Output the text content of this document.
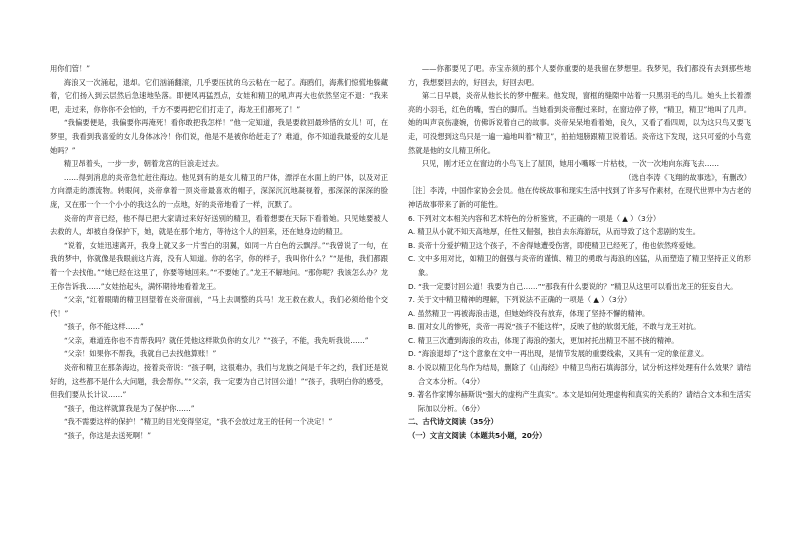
用你们管！”

海浪又一次涌起，退却。它们汹涌翻滚，几乎要压扰的乌云粘在一起了。海鸥们，海燕们惊慌地躲藏着，它们扬入到云层然后急速地坠落。即便风再猛烈点，女娃和精卫的吼声再大也依然坚定不退：“我来吧，走过来，你你你不会怕的，千方不要再把它们打走了，海龙王们都死了！”

“我偏要便是，我偏要你再淹死！看你敢把我怎样！”他一定知道，我是要救回最珍惜的女儿！可，在梦里，我看到我喜爱的女儿身体冰冷！你们说，他是不是被你给赶走了？难道，你不知道我最爱的女儿是她吗？”

精卫昂着头，一步一步，朝着龙宫的巨浪走过去。

……得到消息的炎帝急忙赶往海边。他见到有的是女儿精卫的尸体，漂浮在水面上的尸体，以及对正方向漂走的漂流物。转眼间，炎帝拿着一顶炎帝最喜欢的帽子，深深沉沉地凝视着，那深深的深深的脸庞，又在那一个一个小小的我这么的一点地，好的炎帝地看了一样，沉默了。

炎帝的声音已经，他不得已把大家请过来好好送别的精卫，看着想要在天际下看着她。只见她要被人去救的人，却被自身保护下，她，就是在那个地方，等待这个人的回来，还在她身边的精卫。

“说着，女娃迅速离开，我身上就又多一片雪白的羽翼，如同一片白色的云飘浮。”“我曾说了一句，在我的梦中，你就像是我眼前这片海，没有人知道。你的名字，你的样子，我叫你什么？”“是他，我们都跟着一个去找他。”“她已经在这里了，你要等她回来。”“不要她了。”龙王不解地问。“那你呢？我该怎么办？龙王你告诉我……”女娃抬起头，满怀期待地看着龙王。

“父亲，”红着眼睛的精卫回望着在炎帝面前，“马上去调整的兵马！龙王救在救人，我们必须给他个交代！”

“孩子，你不能这样……”

“父亲，难道连你也不肯帮我吗？就任凭他这样欺负你的女儿？”“孩子，不能，我先听我说……”

“父亲！如果你不帮我，我就自己去找他算账！”

炎帝和精卫在那条海边，接着炎帝说：“孩子啊，这很难办，我们与龙族之间是千年之约，我们还是说好的，这些都不是什么大问题，我会帮你。”“父亲，我一定要为自己讨回公道！”“孩子，我明白你的感受，但我们要从长计议……”

“孩子，他这样就算我是为了保护你……”

“我不需要这样的保护！”精卫的目光变得坚定，“我不会放过龙王的任何一个决定！”

“孩子，你这是去送死啊！”

——你都要见了吧。赤宝赤须的那个人要你重要的是我留在梦想里。我梦见，我们都没有去到那些地方，我想要回去的，好回去，好回去吧。

第二日早晨，炎帝从他长长的梦中醒来。他发现，窗框的缝隙中站着一只黑羽毛的鸟儿。她头上长着漂亮的小羽毛，红色的嘴，雪白的脚爪。当她看到炎帝醒过来时，在窗边停了停，“精卫，精卫”地叫了几声。她的叫声哀伤凄婉，仿佛诉说着自己的故事。炎帝呆呆地看着她，良久，又看了看四周，以为这只鸟又要飞走，可没想到这鸟只是一遍一遍地叫着“精卫”，拍拍翅膀跟精卫说着话。炎帝这下发现，这只可爱的小鸟竟然就是他的女儿精卫所化。

只见，刚才还立在窗边的小鸟飞上了屋顶，她用小嘴啄一片枯枝，一次一次地向东海飞去……

（选自李涛《飞翔的故事选》，有删改）

［注］李涛，中国作家协会会员。他在传统故事和现实生活中找到了许多写作素材，在现代世界中为古老的神话故事带来了新的可能性。

6. 下列对文本相关内容和艺术特色的分析鉴赏，不正确的一项是（ ▲ ）（3分）

A. 精卫从小就不知天高地厚，任性又倔强，独自去东海游玩，从而导致了这个悲剧的发生。

B. 炎帝十分爱护精卫这个孩子，不舍得她遭受伤害，即使精卫已经死了，他也依然疼爱她。

C. 文中多用对比，如精卫的倔强与炎帝的谨慎、精卫的勇敢与海浪的凶猛，从而塑造了精卫坚持正义的形象。

D. “我一定要讨回公道！我要为自己……”“那我有什么要说的？”精卫从这里可以看出龙王的狂妄自大。

7. 关于文中精卫精神的理解，下列说法不正确的一项是（ ▲ ）（3分）

A. 虽然精卫一再被海浪击退，但她始终没有放弃，体现了坚持不懈的精神。

B. 面对女儿的惨死，炎帝一再说“孩子不能这样”，反映了他的软弱无能，不敢与龙王对抗。

C. 精卫三次遭到海浪的攻击，体现了海浪的强大，更加衬托出精卫不屈不挠的精神。

D. “海浪退却了”这个意象在文中一再出现，是情节发展的重要线索，又具有一定的象征意义。

8. 小说以精卫化鸟作为结局，删除了《山海经》中精卫鸟衔石填海部分，试分析这样处理有什么效果？请结合文本分析。（4分）

9. 著名作家博尔赫斯说“强大的虚构产生真实”。本文是如何处理虚构和真实的关系的？请结合文本和生活实际加以分析。（6分）

二、古代诗文阅读（35分）

（一）文言文阅读（本题共5小题，20分）
